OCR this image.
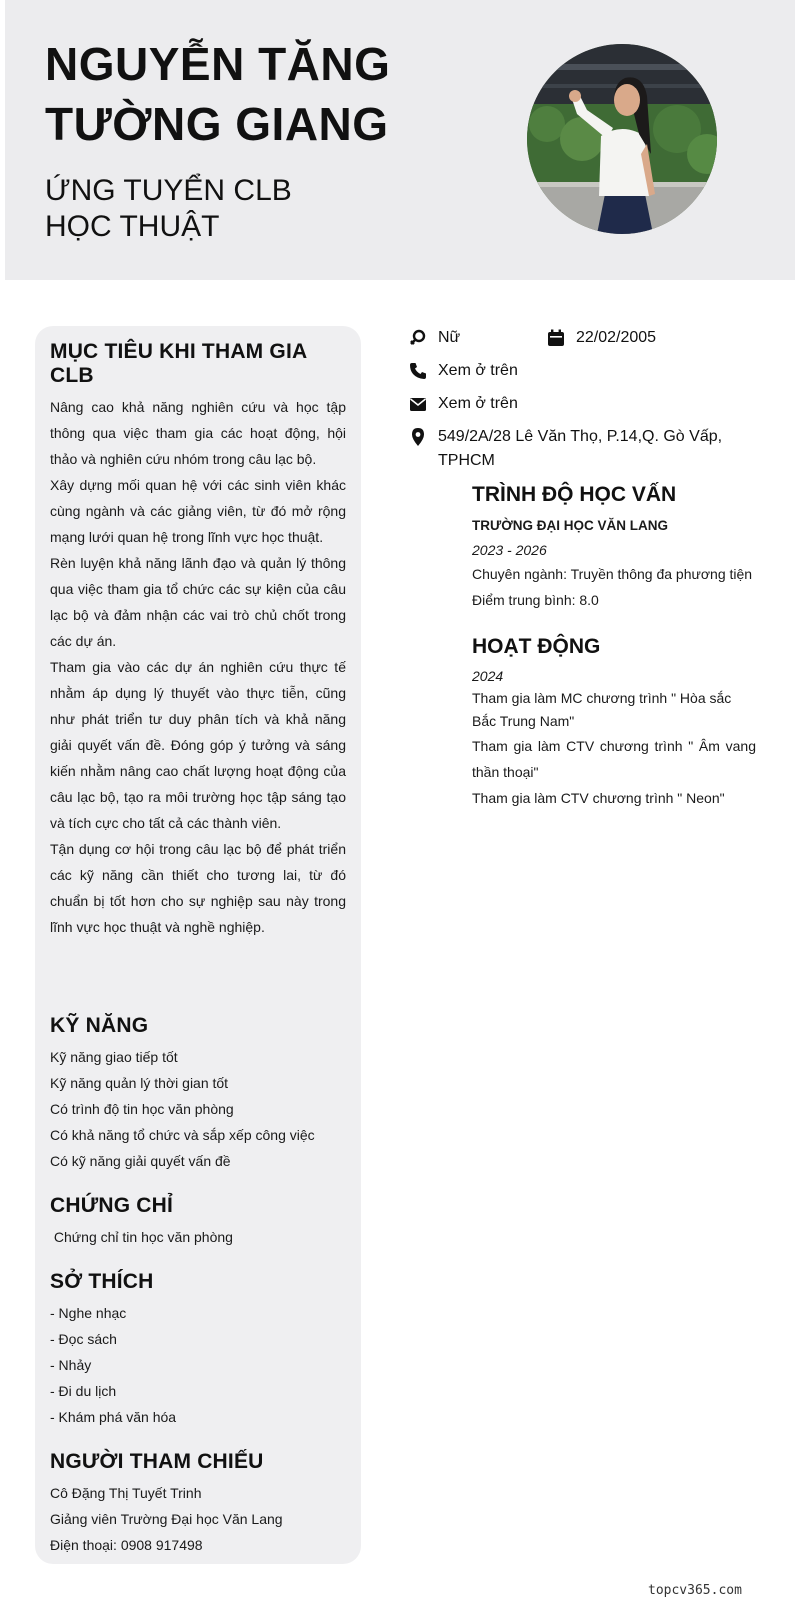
NGUYỄN TĂNG
TƯỜNG GIANG
ỨNG TUYỂN CLB HỌC THUẬT
MỤC TIÊU KHI THAM GIA CLB

Nâng cao khả năng nghiên cứu và học tập thông qua việc tham gia các hoạt động, hội thảo và nghiên cứu nhóm trong câu lạc bộ.

Xây dựng mối quan hệ với các sinh viên khác cùng ngành và các giảng viên, từ đó mở rộng mạng lưới quan hệ trong lĩnh vực học thuật.

Rèn luyện khả năng lãnh đạo và quản lý thông qua việc tham gia tổ chức các sự kiện của câu lạc bộ và đảm nhận các vai trò chủ chốt trong các dự án.

Tham gia vào các dự án nghiên cứu thực tế nhằm áp dụng lý thuyết vào thực tiễn, cũng như phát triển tư duy phân tích và khả năng giải quyết vấn đề. Đóng góp ý tưởng và sáng kiến nhằm nâng cao chất lượng hoạt động của câu lạc bộ, tạo ra môi trường học tập sáng tạo và tích cực cho tất cả các thành viên.

Tận dụng cơ hội trong câu lạc bộ để phát triển các kỹ năng cần thiết cho tương lai, từ đó chuẩn bị tốt hơn cho sự nghiệp sau này trong lĩnh vực học thuật và nghề nghiệp.

KỸ NĂNG
Kỹ năng giao tiếp tốt
Kỹ năng quản lý thời gian tốt
Có trình độ tin học văn phòng
Có khả năng tổ chức và sắp xếp công việc
Có kỹ năng giải quyết vấn đề
CHỨNG CHỈ
Chứng chỉ tin học văn phòng
SỞ THÍCH
- Nghe nhạc
- Đọc sách
- Nhảy
- Đi du lịch
- Khám phá văn hóa
NGƯỜI THAM CHIẾU
Cô Đặng Thị Tuyết Trinh
Giảng viên Trường Đại học Văn Lang
Điện thoại: 0908 917498
Nữ	22/02/2005
Xem ở trên
Xem ở trên
549/2A/28 Lê Văn Thọ, P.14,Q. Gò Vấp, TPHCM
TRÌNH ĐỘ HỌC VẤN
TRƯỜNG ĐẠI HỌC VĂN LANG
2023 - 2026
Chuyên ngành: Truyền thông đa phương tiện
Điểm trung bình: 8.0
HOẠT ĐỘNG
2024
Tham gia làm MC chương trình " Hòa sắc Bắc Trung Nam"
Tham gia làm CTV chương trình " Âm vang thần thoại"
Tham gia làm CTV chương trình " Neon"
topcv365.com
